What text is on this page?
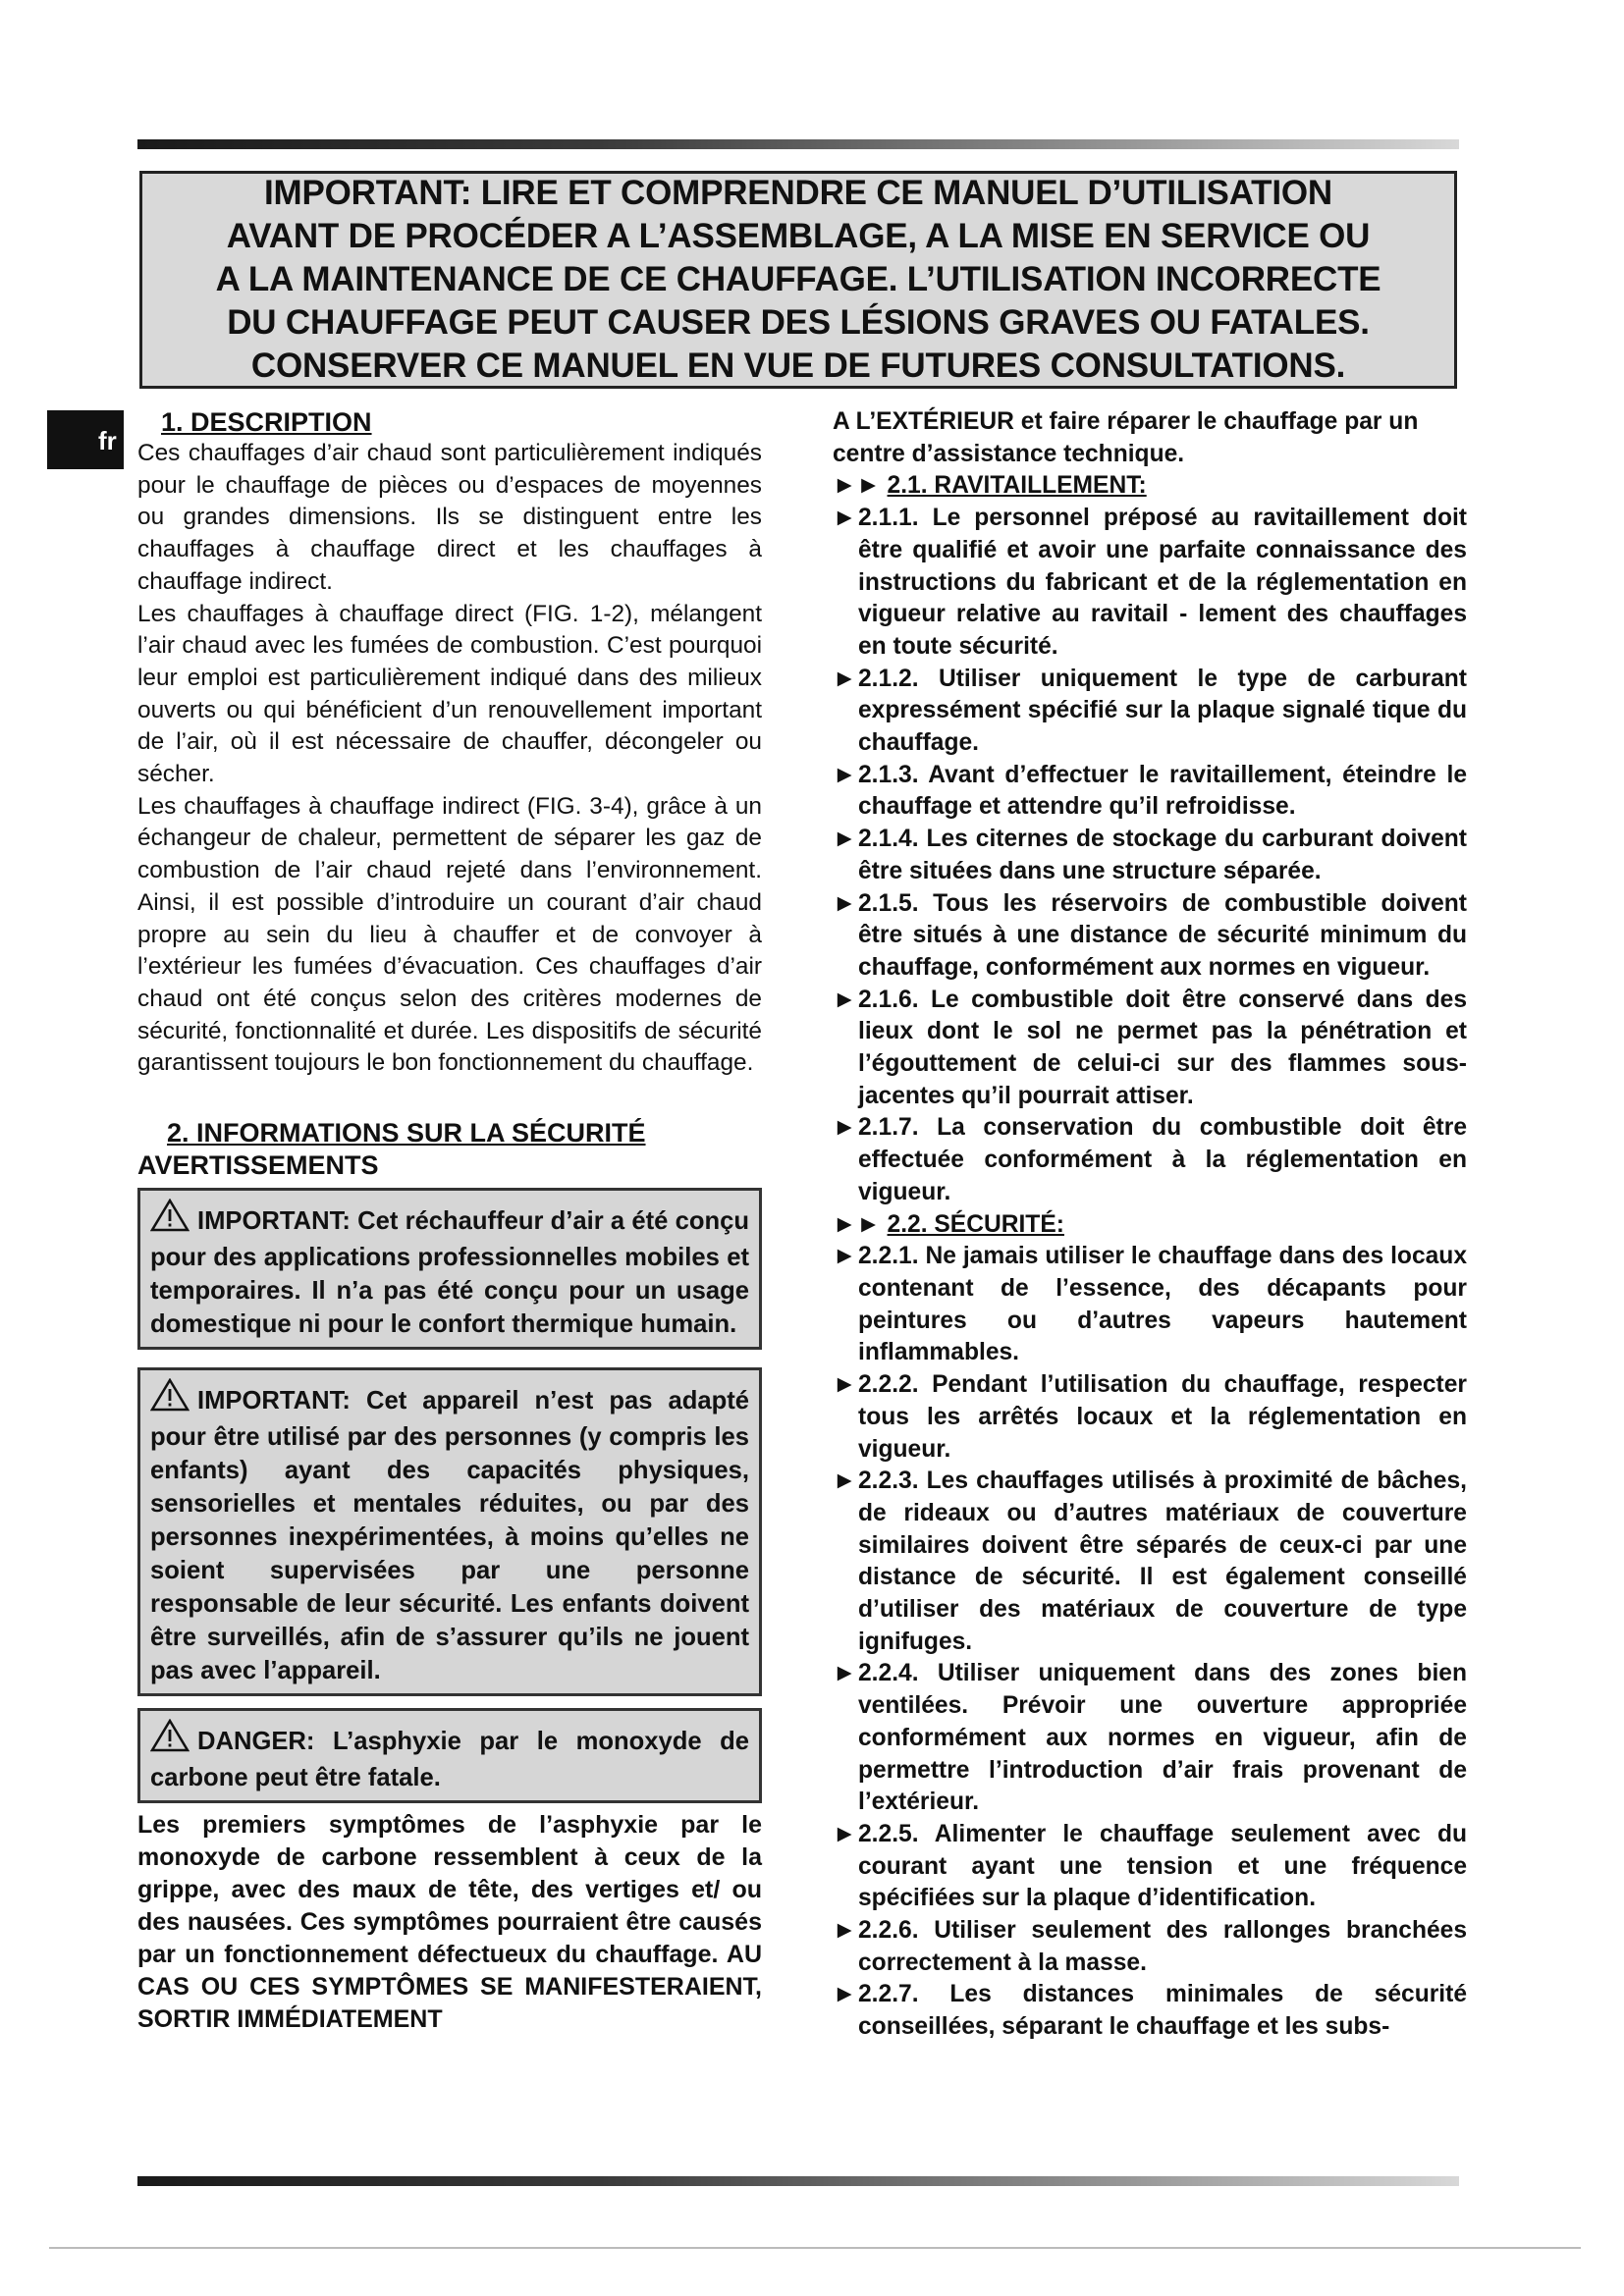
IMPORTANT: LIRE ET COMPRENDRE CE MANUEL D’UTILISATION
AVANT DE PROCÉDER A L’ASSEMBLAGE, A LA MISE EN SERVICE OU
A LA MAINTENANCE DE CE CHAUFFAGE. L’UTILISATION INCORRECTE
DU CHAUFFAGE PEUT CAUSER DES LÉSIONS GRAVES OU FATALES.
CONSERVER CE MANUEL EN VUE DE FUTURES CONSULTATIONS.
fr
1. DESCRIPTION

Ces chauffages d’air chaud sont particulièrement indiqués pour le chauffage de pièces ou d’espaces de moyennes ou grandes dimensions. Ils se distinguent entre les chauffages à chauffage direct et les chauffages à chauffage indirect.

Les chauffages à chauffage direct (FIG. 1-2), mélangent l’air chaud avec les fumées de combustion. C’est pourquoi leur emploi est particulièrement indiqué dans des milieux ouverts ou qui bénéficient d’un renouvellement important de l’air, où il est nécessaire de chauffer, décongeler ou sécher.

Les chauffages à chauffage indirect (FIG. 3-4), grâce à un échangeur de chaleur, permettent de séparer les gaz de combustion de l’air chaud rejeté dans l’environnement. Ainsi, il est possible d’introduire un courant d’air chaud propre au sein du lieu à chauffer et de convoyer à l’extérieur les fumées d’évacuation. Ces chauffages d’air chaud ont été conçus selon des critères modernes de sécurité, fonctionnalité et durée. Les dispositifs de sécurité garantissent toujours le bon fonctionnement du chauffage.

2. INFORMATIONS SUR LA SÉCURITÉ
AVERTISSEMENTS
IMPORTANT: Cet réchauffeur d’air a été conçu pour des applications professionnelles mobiles et temporaires. Il n’a pas été conçu pour un usage domestique ni pour le confort thermique humain.
IMPORTANT: Cet appareil n’est pas adapté pour être utilisé par des personnes (y compris les enfants) ayant des capacités physiques, sensorielles et mentales réduites, ou par des personnes inexpérimentées, à moins qu’elles ne soient supervisées par une personne responsable de leur sécurité. Les enfants doivent être surveillés, afin de s’assurer qu’ils ne jouent pas avec l’appareil.
DANGER: L’asphyxie par le monoxyde de carbone peut être fatale.
Les premiers symptômes de l’asphyxie par le monoxyde de carbone ressemblent à ceux de la grippe, avec des maux de tête, des vertiges et/ ou des nausées. Ces symptômes pourraient être causés par un fonctionnement défectueux du chauffage. AU CAS OU CES SYMPTÔMES SE MANIFESTERAIENT, SORTIR IMMÉDIATEMENT
A L’EXTÉRIEUR et faire réparer le chauffage par un centre d’assistance technique.
►► 2.1. RAVITAILLEMENT:
► 2.1.1. Le personnel préposé au ravitaillement doit être qualifié et avoir une parfaite connaissance des instructions du fabricant et de la réglementation en vigueur relative au ravitail - lement des chauffages en toute sécurité.
► 2.1.2. Utiliser uniquement le type de carburant expressément spécifié sur la plaque signalé tique du chauffage.
► 2.1.3. Avant d’effectuer le ravitaillement, éteindre le chauffage et attendre qu’il refroidisse.
► 2.1.4. Les citernes de stockage du carburant doivent être situées dans une structure séparée.
► 2.1.5. Tous les réservoirs de combustible doivent être situés à une distance de sécurité minimum du chauffage, conformément aux normes en vigueur.
► 2.1.6. Le combustible doit être conservé dans des lieux dont le sol ne permet pas la pénétration et l’égouttement de celui-ci sur des flammes sous-jacentes qu’il pourrait attiser.
► 2.1.7. La conservation du combustible doit être effectuée conformément à la réglementation en vigueur.
►► 2.2. SÉCURITÉ:
► 2.2.1. Ne jamais utiliser le chauffage dans des locaux contenant de l’essence, des décapants pour peintures ou d’autres vapeurs hautement inflammables.
► 2.2.2. Pendant l’utilisation du chauffage, respecter tous les arrêtés locaux et la réglementation en vigueur.
► 2.2.3. Les chauffages utilisés à proximité de bâches, de rideaux ou d’autres matériaux de couverture similaires doivent être séparés de ceux-ci par une distance de sécurité. Il est également conseillé d’utiliser des matériaux de couverture de type ignifuges.
► 2.2.4. Utiliser uniquement dans des zones bien ventilées. Prévoir une ouverture appropriée conformément aux normes en vigueur, afin de permettre l’introduction d’air frais provenant de l’extérieur.
► 2.2.5. Alimenter le chauffage seulement avec du courant ayant une tension et une fréquence spécifiées sur la plaque d’identification.
► 2.2.6. Utiliser seulement des rallonges branchées correctement à la masse.
► 2.2.7. Les distances minimales de sécurité conseillées, séparant le chauffage et les subs-
